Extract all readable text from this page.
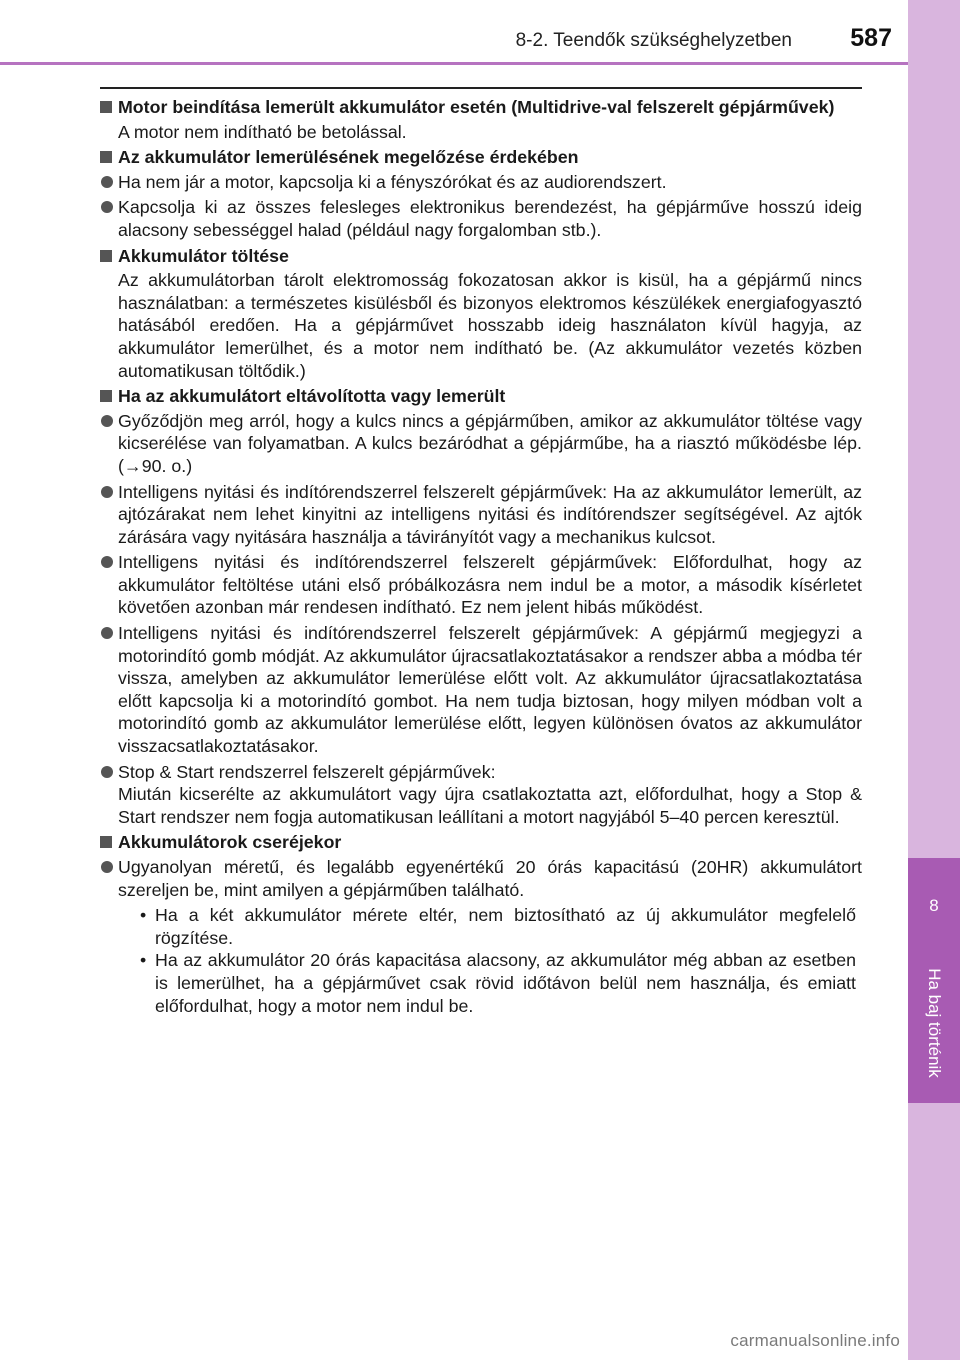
8
Ha baj történik
8-2. Teendők szükséghelyzetben 587
Motor beindítása lemerült akkumulátor esetén (Multidrive-val felszerelt gépjárművek)
A motor nem indítható be betolással.
Az akkumulátor lemerülésének megelőzése érdekében
Ha nem jár a motor, kapcsolja ki a fényszórókat és az audiorendszert.
Kapcsolja ki az összes felesleges elektronikus berendezést, ha gépjárműve hosszú ideig alacsony sebességgel halad (például nagy forgalomban stb.).
Akkumulátor töltése
Az akkumulátorban tárolt elektromosság fokozatosan akkor is kisül, ha a gépjármű nincs használatban: a természetes kisülésből és bizonyos elektromos készülékek energiafogyasztó hatásából eredően. Ha a gépjárművet hosszabb ideig használaton kívül hagyja, az akkumulátor lemerülhet, és a motor nem indítható be. (Az akkumulátor vezetés közben automatikusan töltődik.)
Ha az akkumulátort eltávolította vagy lemerült
Győződjön meg arról, hogy a kulcs nincs a gépjárműben, amikor az akkumulátor töltése vagy kicserélése van folyamatban. A kulcs bezáródhat a gépjárműbe, ha a riasztó működésbe lép. (→90. o.)
Intelligens nyitási és indítórendszerrel felszerelt gépjárművek: Ha az akkumulátor lemerült, az ajtózárakat nem lehet kinyitni az intelligens nyitási és indítórendszer segítségével. Az ajtók zárására vagy nyitására használja a távirányítót vagy a mechanikus kulcsot.
Intelligens nyitási és indítórendszerrel felszerelt gépjárművek: Előfordulhat, hogy az akkumulátor feltöltése utáni első próbálkozásra nem indul be a motor, a második kísérletet követően azonban már rendesen indítható. Ez nem jelent hibás működést.
Intelligens nyitási és indítórendszerrel felszerelt gépjárművek: A gépjármű megjegyzi a motorindító gomb módját. Az akkumulátor újracsatlakoztatásakor a rendszer abba a módba tér vissza, amelyben az akkumulátor lemerülése előtt volt. Az akkumulátor újracsatlakoztatása előtt kapcsolja ki a motorindító gombot. Ha nem tudja biztosan, hogy milyen módban volt a motorindító gomb az akkumulátor lemerülése előtt, legyen különösen óvatos az akkumulátor visszacsatlakoztatásakor.
Stop & Start rendszerrel felszerelt gépjárművek:
Miután kicserélte az akkumulátort vagy újra csatlakoztatta azt, előfordulhat, hogy a Stop & Start rendszer nem fogja automatikusan leállítani a motort nagyjából 5–40 percen keresztül.
Akkumulátorok cseréjekor
Ugyanolyan méretű, és legalább egyenértékű 20 órás kapacitású (20HR) akkumulátort szereljen be, mint amilyen a gépjárműben található.
• Ha a két akkumulátor mérete eltér, nem biztosítható az új akkumulátor megfelelő rögzítése.
• Ha az akkumulátor 20 órás kapacitása alacsony, az akkumulátor még abban az esetben is lemerülhet, ha a gépjárművet csak rövid időtávon belül nem használja, és emiatt előfordulhat, hogy a motor nem indul be.
carmanualsonline.info
